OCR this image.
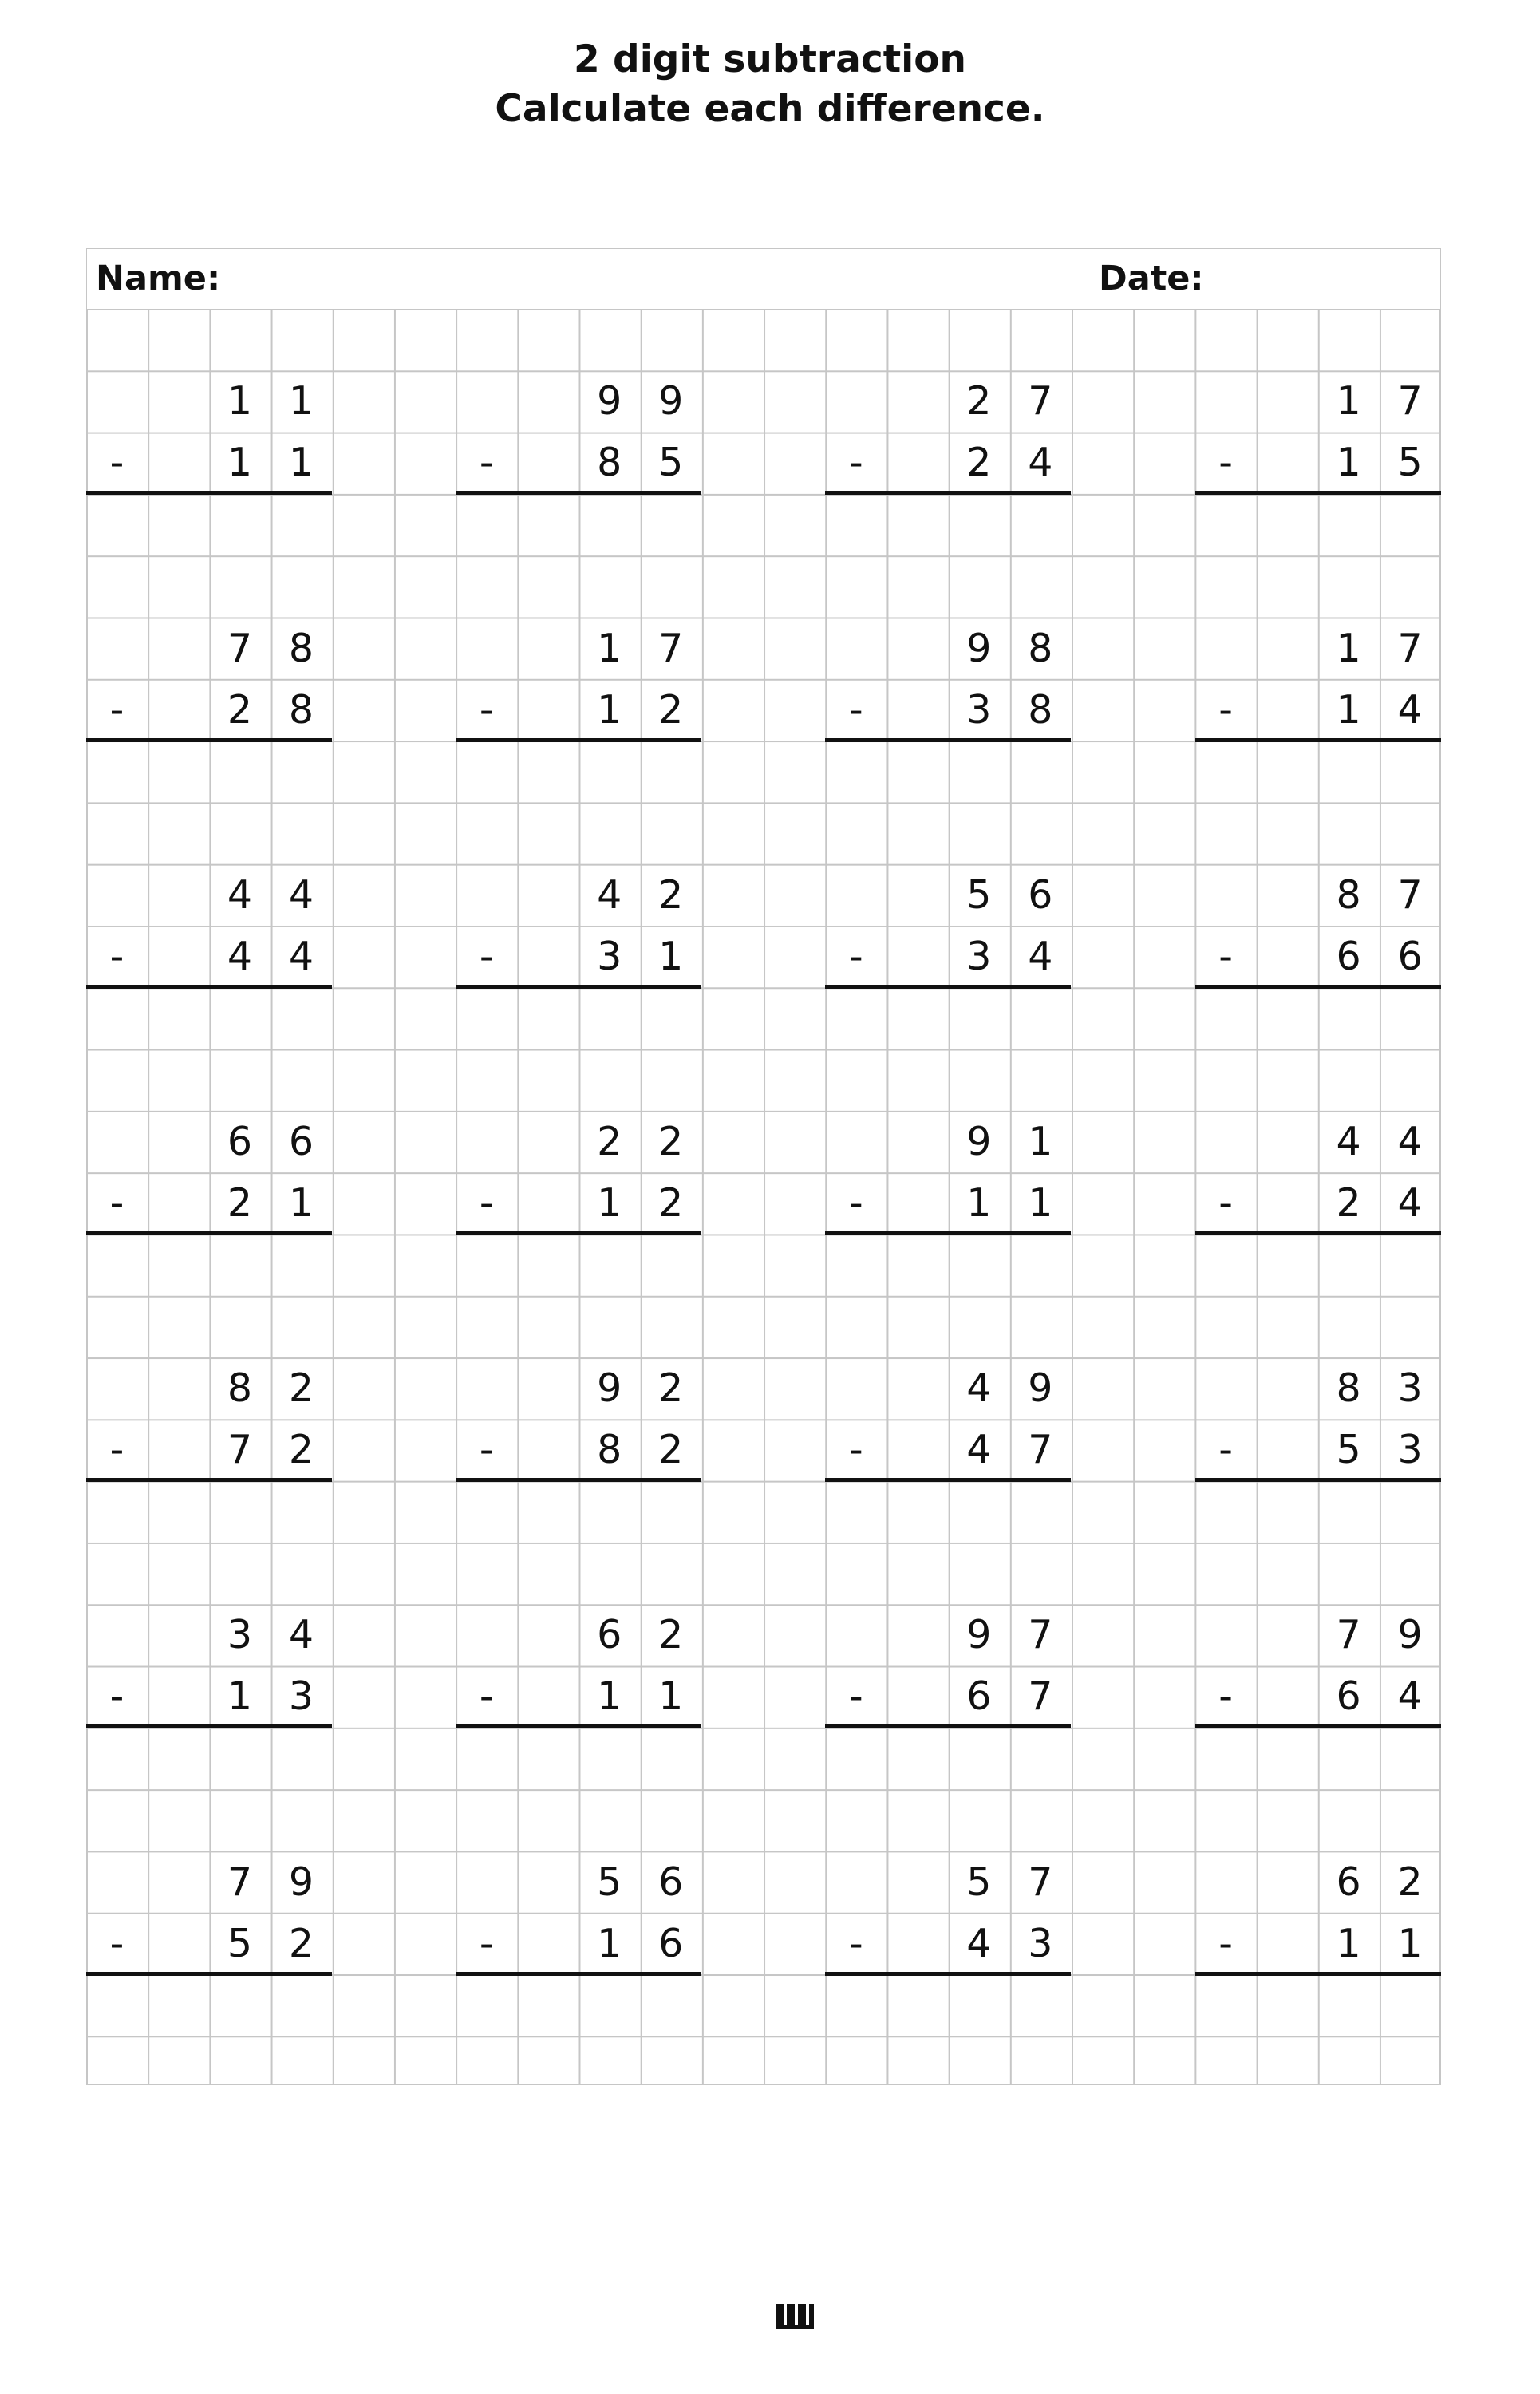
2 digit subtraction
Calculate each difference.
Name:	Date:
1 1
-	1 1
9 9
-	8 5
2 7
-	2 4
1 7
-	1 5
7 8
-	2 8
1 7
-	1 2
9 8
-	3 8
1 7
-	1 4
4 4
-	4 4
4 2
-	3 1
5 6
-	3 4
8 7
-	6 6
6 6
-	2 1
2 2
-	1 2
9 1
-	1 1
4 4
-	2 4
8 2
-	7 2
9 2
-	8 2
4 9
-	4 7
8 3
-	5 3
3 4
-	1 3
6 2
-	1 1
9 7
-	6 7
7 9
-	6 4
7 9
-	5 2
5 6
-	1 6
5 7
-	4 3
6 2
-	1 1
